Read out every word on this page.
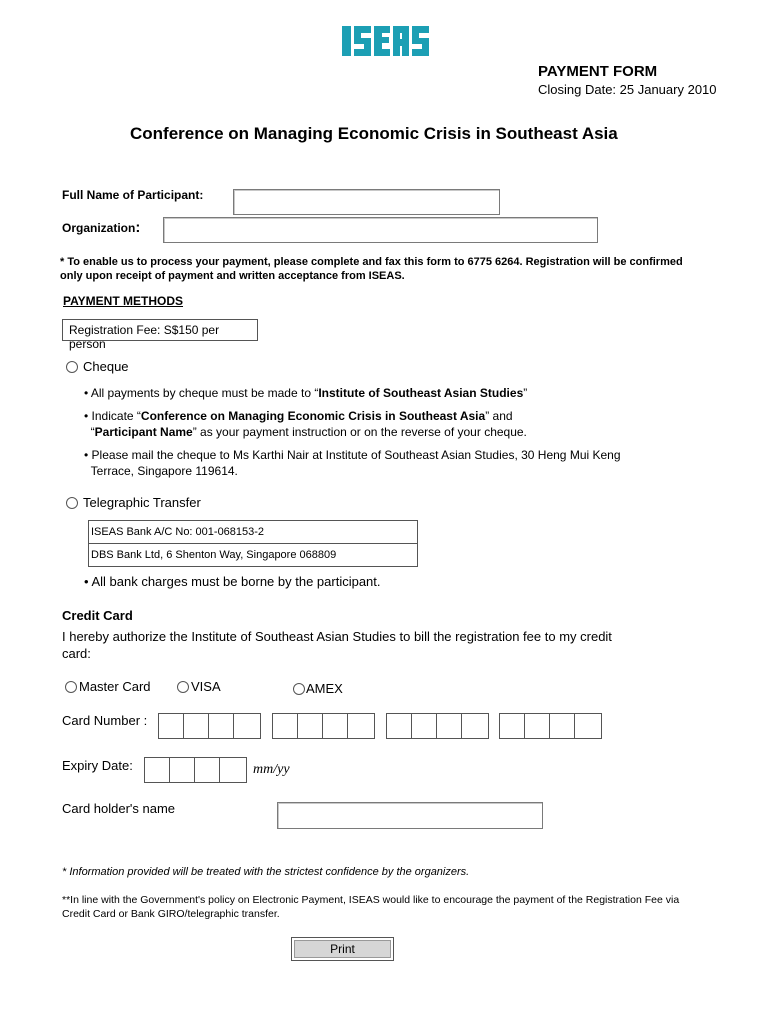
PAYMENT FORM
Closing Date: 25 January 2010
Conference on Managing Economic Crisis in Southeast Asia
Full Name of Participant:
Organization:
* To enable us to process your payment, please complete and fax this form to 6775 6264. Registration will be confirmed
only upon receipt of payment and written acceptance from ISEAS.
PAYMENT METHODS
Registration Fee: S$150 per person
Cheque
• All payments by cheque must be made to “Institute of Southeast Asian Studies”
• Indicate “Conference on Managing Economic Crisis in Southeast Asia” and
“Participant Name” as your payment instruction or on the reverse of your cheque.
• Please mail the cheque to Ms Karthi Nair at Institute of Southeast Asian Studies, 30 Heng Mui Keng
Terrace, Singapore 119614.
Telegraphic Transfer
ISEAS Bank A/C No: 001-068153-2
DBS Bank Ltd, 6 Shenton Way, Singapore 068809
• All bank charges must be borne by the participant.
Credit Card
I hereby authorize the Institute of Southeast Asian Studies to bill the registration fee to my credit
card:
Master Card	VISA	AMEX
Card Number :
Expiry Date:	mm/yy
Card holder's name
* Information provided will be treated with the strictest confidence by the organizers.
**In line with the Government's policy on Electronic Payment, ISEAS would like to encourage the payment of the Registration Fee via
Credit Card or Bank GIRO/telegraphic transfer.
Print
